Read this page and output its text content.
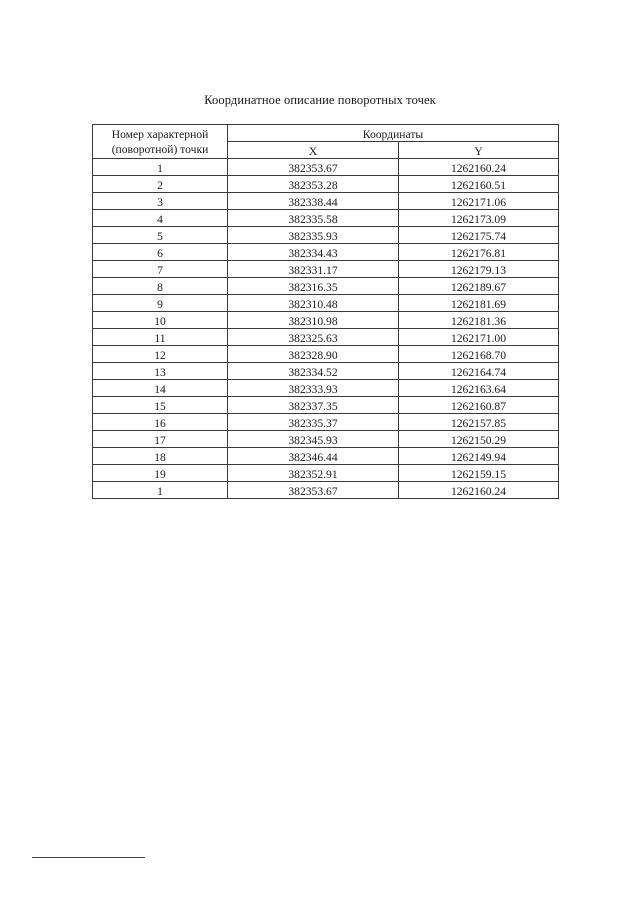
Координатное описание поворотных точек
Номер характерной (поворотной) точки	Координаты	
	X	Y
1	382353.67	1262160.24
2	382353.28	1262160.51
3	382338.44	1262171.06
4	382335.58	1262173.09
5	382335.93	1262175.74
6	382334.43	1262176.81
7	382331.17	1262179.13
8	382316.35	1262189.67
9	382310.48	1262181.69
10	382310.98	1262181.36
11	382325.63	1262171.00
12	382328.90	1262168.70
13	382334.52	1262164.74
14	382333.93	1262163.64
15	382337.35	1262160.87
16	382335.37	1262157.85
17	382345.93	1262150.29
18	382346.44	1262149.94
19	382352.91	1262159.15
1	382353.67	1262160.24
